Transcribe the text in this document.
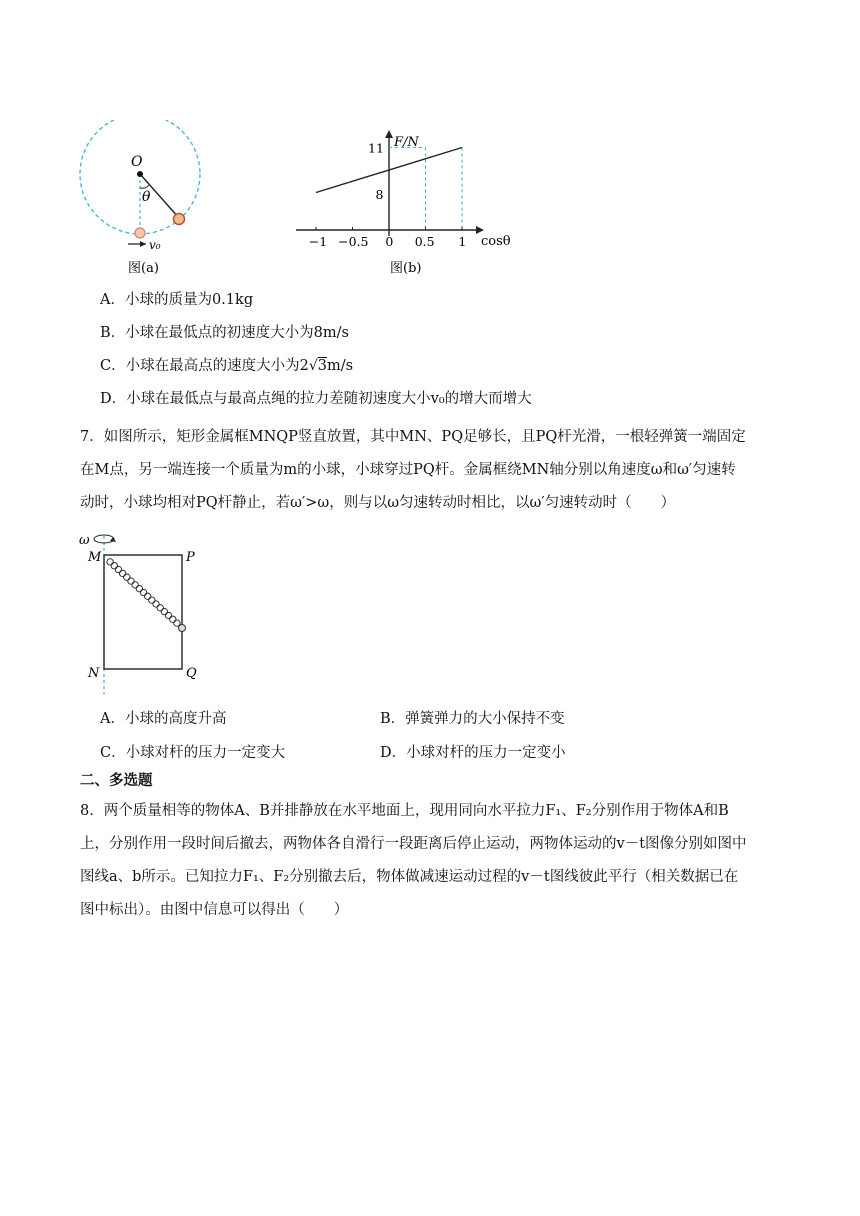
O
θ
v₀
图(a)
F/N
cosθ
−1 −0.5 0 0.5 1
11
8
图(b)
A．小球的质量为0.1kg
B．小球在最低点的初速度大小为8m/s
C．小球在最高点的速度大小为2√3m/s
D．小球在最低点与最高点绳的拉力差随初速度大小v₀的增大而增大
7．如图所示，矩形金属框MNQP竖直放置，其中MN、PQ足够长，且PQ杆光滑，一根轻弹簧一端固定
在M点，另一端连接一个质量为m的小球，小球穿过PQ杆。金属框绕MN轴分别以角速度ω和ω′匀速转
动时，小球均相对PQ杆静止，若ω′>ω，则与以ω匀速转动时相比，以ω′匀速转动时（　　）
ω
M	P
N	Q
A．小球的高度升高	B．弹簧弹力的大小保持不变
C．小球对杆的压力一定变大	D．小球对杆的压力一定变小
二、多选题
8．两个质量相等的物体A、B并排静放在水平地面上，现用同向水平拉力F₁、F₂分别作用于物体A和B
上，分别作用一段时间后撤去，两物体各自滑行一段距离后停止运动，两物体运动的v－t图像分别如图中
图线a、b所示。已知拉力F₁、F₂分别撤去后，物体做减速运动过程的v－t图线彼此平行（相关数据已在
图中标出）。由图中信息可以得出（　　）
